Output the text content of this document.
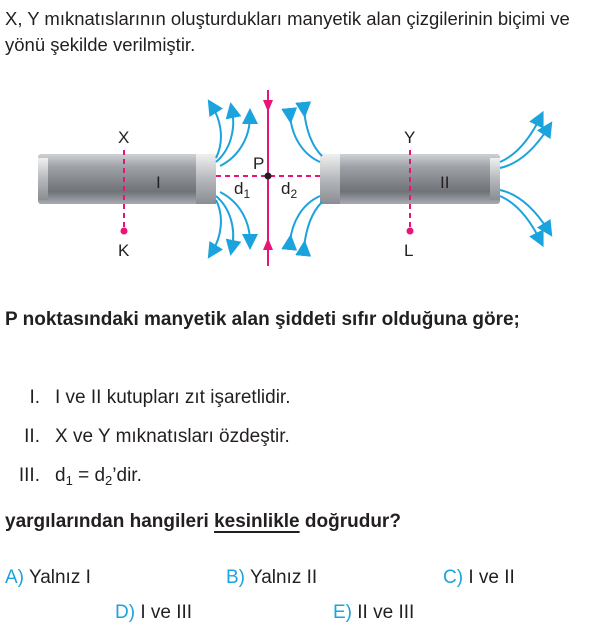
X, Y mıknatıslarının oluşturdukları manyetik alan çizgilerinin biçimi ve yönü şekilde verilmiştir.
X	Y
I	II
P
K	L
$d_1$ $d_2$
P noktasındaki manyetik alan şiddeti sıfır olduğuna göre;
I. I ve II kutupları zıt işaretlidir.
II. X ve Y mıknatısları özdeştir.
III. $d_1$ = $d_2’dir$.
yargılarından hangileri kesinlikle doğrudur?
A) Yalnız I	B) Yalnız II	C) I ve II
D) I ve III	E) II ve III
